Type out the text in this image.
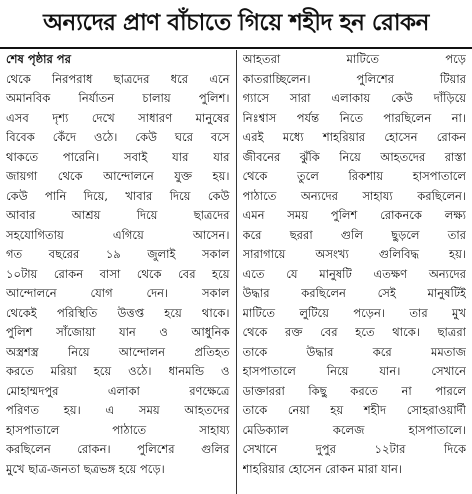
অন্যদের প্রাণ বাঁচাতে গিয়ে শহীদ হন রোকন
শেষ পৃষ্ঠার পর
থেকে নিরপরাধ ছাত্রদের ধরে এনে
অমানবিক নির্যাতন চালায় পুলিশ।
এসব দৃশ্য দেখে সাধারণ মানুষের
বিবেক কেঁদে ওঠে। কেউ ঘরে বসে
থাকতে পারেনি। সবাই যার যার
জায়গা থেকে আন্দোলনে যুক্ত হয়।
কেউ পানি দিয়ে, খাবার দিয়ে কেউ
আবার আশ্রয় দিয়ে ছাত্রদের
সহযোগিতায় এগিয়ে আসেন।
গত বছরের ১৯ জুলাই সকাল
১০টায় রোকন বাসা থেকে বের হয়ে
আন্দোলনে যোগ দেন। সকাল
থেকেই পরিস্থিতি উত্তপ্ত হয়ে থাকে।
পুলিশ সাঁজোয়া যান ও আধুনিক
অস্ত্রশস্ত্র নিয়ে আন্দোলন প্রতিহত
করতে মরিয়া হয়ে ওঠে। ধানমন্ডি ও
মোহাম্মদপুর এলাকা রণক্ষেত্রে
পরিণত হয়। এ সময় আহতদের
হাসপাতালে পাঠাতে সাহায্য
করছিলেন রোকন। পুলিশের গুলির
মুখে ছাত্র-জনতা ছত্রভঙ্গ হয়ে পড়ে।
আহতরা মাটিতে পড়ে
কাতরাচ্ছিলেন। পুলিশের টিয়ার
গ্যাসে সারা এলাকায় কেউ দাঁড়িয়ে
নিঃশ্বাস পর্যন্ত নিতে পারছিলেন না।
এরই মধ্যে শাহরিয়ার হোসেন রোকন
জীবনের ঝুঁকি নিয়ে আহতদের রাস্তা
থেকে তুলে রিকশায় হাসপাতালে
পাঠাতে অন্যদের সাহায্য করছিলেন।
এমন সময় পুলিশ রোকনকে লক্ষ্য
করে ছররা গুলি ছুড়লে তার
সারাগায়ে অসংখ্য গুলিবিদ্ধ হয়।
এতে যে মানুষটি এতক্ষণ অন্যদের
উদ্ধার করছিলেন সেই মানুষটিই
মাটিতে লুটিয়ে পড়েন। তার মুখ
থেকে রক্ত বের হতে থাকে। ছাত্ররা
তাকে উদ্ধার করে মমতাজ
হাসপাতালে নিয়ে যান। সেখানে
ডাক্তাররা কিছু করতে না পারলে
তাকে নেয়া হয় শহীদ সোহরাওয়ার্দী
মেডিক্যাল কলেজ হাসপাতালে।
সেখানে দুপুর ১২টার দিকে
শাহরিয়ার হোসেন রোকন মারা যান।
